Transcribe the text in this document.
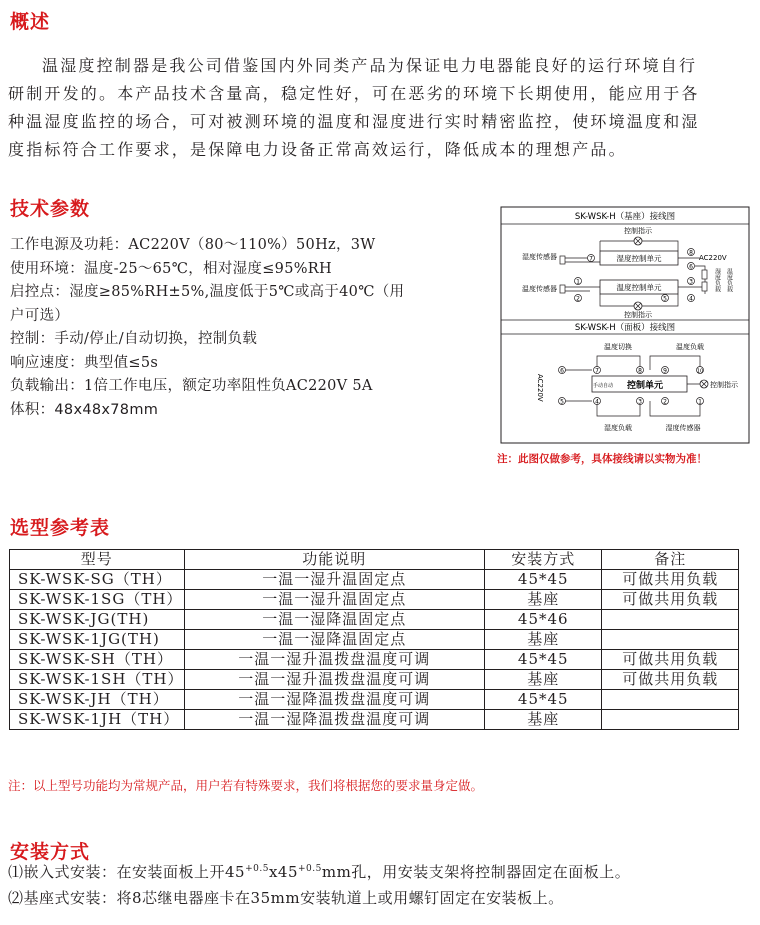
概述

温湿度控制器是我公司借鉴国内外同类产品为保证电力电器能良好的运行环境自行

研制开发的。本产品技术含量高，稳定性好，可在恶劣的环境下长期使用，能应用于各

种温湿度监控的场合，可对被测环境的温度和湿度进行实时精密监控，使环境温度和湿

度指标符合工作要求，是保障电力设备正常高效运行，降低成本的理想产品。

技术参数
工作电源及功耗：AC220V（80～110%）50Hz，3W
使用环境：温度-25～65℃，相对湿度≤95%RH
启控点：湿度≥85%RH±5%,温度低于5℃或高于40℃（用
户可选）
控制：手动/停止/自动切换，控制负载
响应速度：典型值≤5s
负载输出：1倍工作电压，额定功率阻性负AC220V 5A
体积：48x48x78mm
SK-WSK-H（基座）接线图
SK-WSK-H（面板）接线图
控制指示
湿度控制单元
湿度传感器	7
8
6
AC220V
温度传感器	温度控制单元
1
2
3
4
5
控制指示
湿度负载 温度负载
温度切换	温度负载
AC220V	控制单元
手动自动	控制指示
6	7	8	9	10
5	4	3	2	1
湿度负载	湿度传感器
注：此图仅做参考，具体接线请以实物为准！
选型参考表
型号	功能说明	安装方式	备注
SK-WSK-SG（TH）	一温一湿升温固定点	45*45	可做共用负载
SK-WSK-1SG（TH）	一温一湿升温固定点	基座	可做共用负载
SK-WSK-JG(TH)	一温一湿降温固定点	45*46	
SK-WSK-1JG(TH)	一温一湿降温固定点	基座	
SK-WSK-SH（TH）	一温一湿升温拨盘温度可调	45*45	可做共用负载
SK-WSK-1SH（TH）	一温一湿升温拨盘温度可调	基座	可做共用负载
SK-WSK-JH（TH）	一温一湿降温拨盘温度可调	45*45	
SK-WSK-1JH（TH）	一温一湿降温拨盘温度可调	基座	
注：以上型号功能均为常规产品，用户若有特殊要求，我们将根据您的要求量身定做。
安装方式
⑴嵌入式安装：在安装面板上开$45^{+0.5}x45^{+0.5}mm$孔，用安装支架将控制器固定在面板上。
⑵基座式安装：将8芯继电器座卡在35mm安装轨道上或用螺钉固定在安装板上。
